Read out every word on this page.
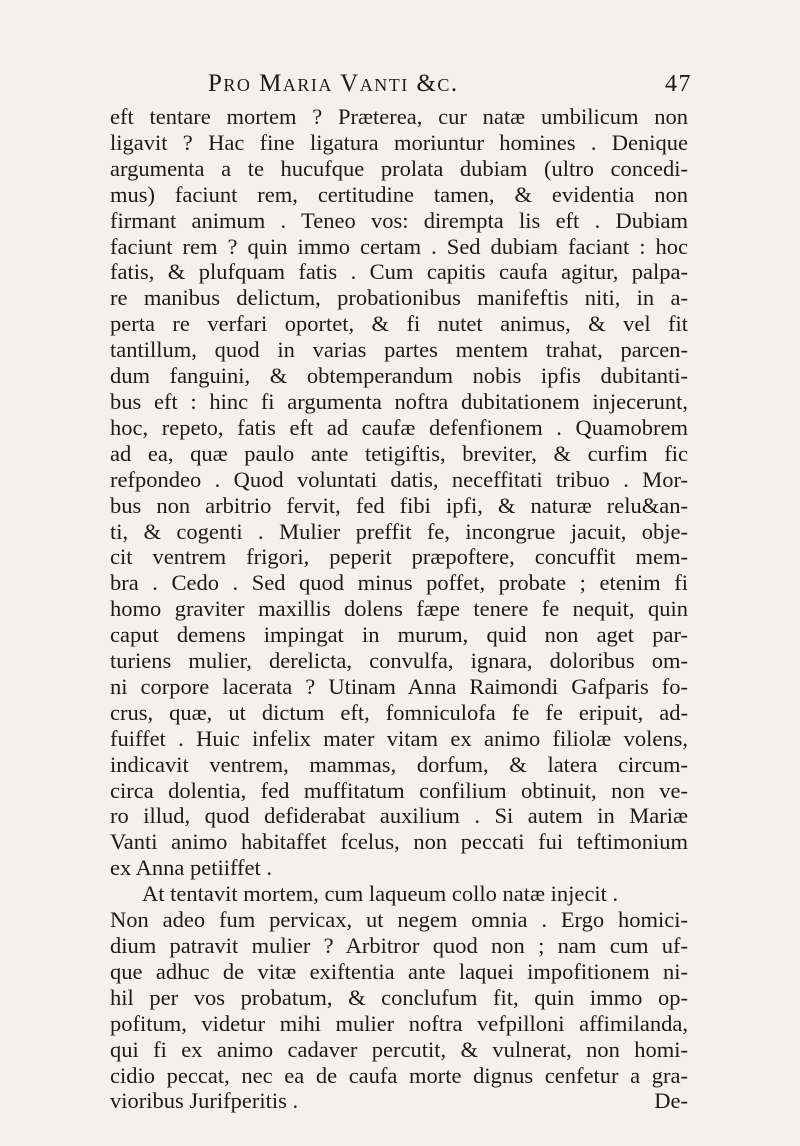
Pro Maria Vanti &c.	47
eft tentare mortem ? Præterea, cur natæ umbilicum non
ligavit ? Hac fine ligatura moriuntur homines . Denique
argumenta a te hucufque prolata dubiam (ultro concedi-
mus) faciunt rem, certitudine tamen, & evidentia non
firmant animum . Teneo vos: dirempta lis eft . Dubiam
faciunt rem ? quin immo certam . Sed dubiam faciant : hoc
fatis, & plufquam fatis . Cum capitis caufa agitur, palpa-
re manibus delictum, probationibus manifeftis niti, in a-
perta re verfari oportet, & fi nutet animus, & vel fit
tantillum, quod in varias partes mentem trahat, parcen-
dum fanguini, & obtemperandum nobis ipfis dubitanti-
bus eft : hinc fi argumenta noftra dubitationem injecerunt,
hoc, repeto, fatis eft ad caufæ defenfionem . Quamobrem
ad ea, quæ paulo ante tetigiftis, breviter, & curfim fic
refpondeo . Quod voluntati datis, neceffitati tribuo . Mor-
bus non arbitrio fervit, fed fibi ipfi, & naturæ relu&an-
ti, & cogenti . Mulier preffit fe, incongrue jacuit, obje-
cit ventrem frigori, peperit præpoftere, concuffit mem-
bra . Cedo . Sed quod minus poffet, probate ; etenim fi
homo graviter maxillis dolens fæpe tenere fe nequit, quin
caput demens impingat in murum, quid non aget par-
turiens mulier, derelicta, convulfa, ignara, doloribus om-
ni corpore lacerata ? Utinam Anna Raimondi Gafparis fo-
crus, quæ, ut dictum eft, fomniculofa fe fe eripuit, ad-
fuiffet . Huic infelix mater vitam ex animo filiolæ volens,
indicavit ventrem, mammas, dorfum, & latera circum-
circa dolentia, fed muffitatum confilium obtinuit, non ve-
ro illud, quod defiderabat auxilium . Si autem in Mariæ
Vanti animo habitaffet fcelus, non peccati fui teftimonium
ex Anna petiiffet .
At tentavit mortem, cum laqueum collo natæ injecit .
Non adeo fum pervicax, ut negem omnia . Ergo homici-
dium patravit mulier ? Arbitror quod non ; nam cum uf-
que adhuc de vitæ exiftentia ante laquei impofitionem ni-
hil per vos probatum, & conclufum fit, quin immo op-
pofitum, videtur mihi mulier noftra vefpilloni affimilanda,
qui fi ex animo cadaver percutit, & vulnerat, non homi-
cidio peccat, nec ea de caufa morte dignus cenfetur a gra-
vioribus Jurifperitis .	De-
